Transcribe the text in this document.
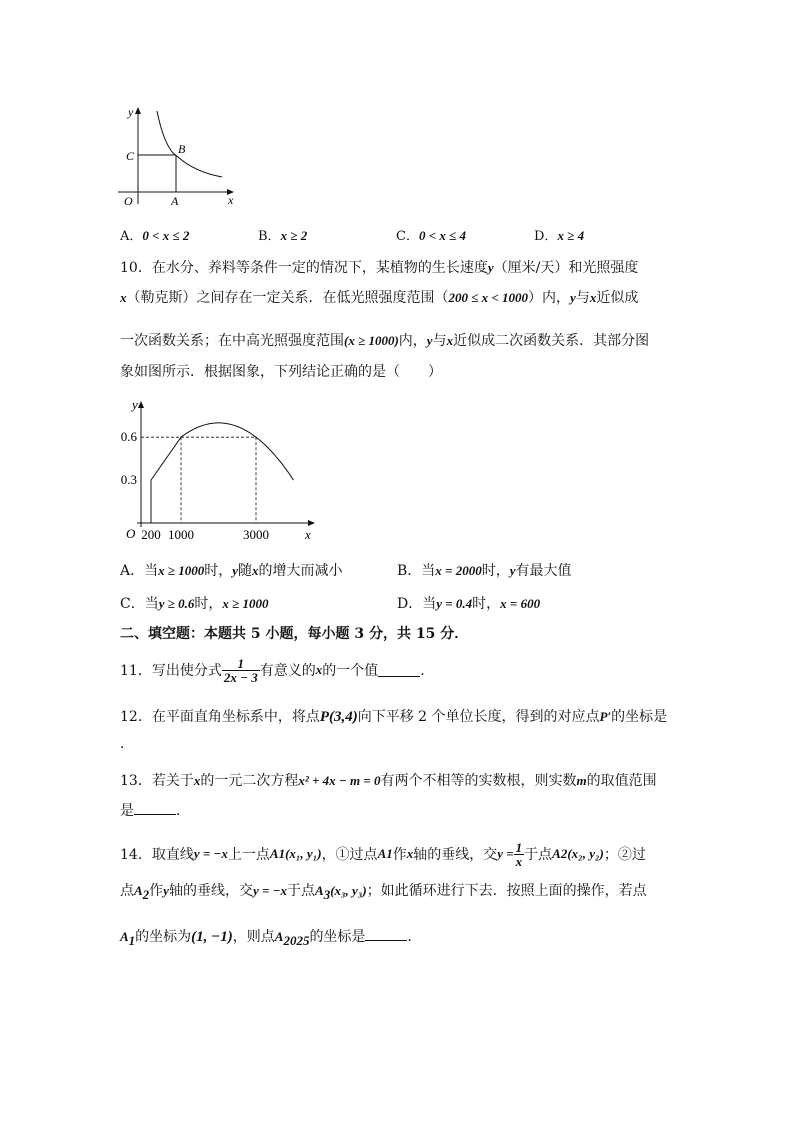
y
x
O	A
B
C
A．0 < x ≤ 2	B．x ≥ 2	C．0 < x ≤ 4	D．x ≥ 4
10．在水分、养料等条件一定的情况下，某植物的生长速度y（厘米/天）和光照强度
x（勒克斯）之间存在一定关系．在低光照强度范围（200 ≤ x < 1000）内，y与x近似成
一次函数关系；在中高光照强度范围(x ≥ 1000)内，y与x近似成二次函数关系．其部分图
象如图所示．根据图象，下列结论正确的是（　　）
y
x
O 200 1000	3000
0.6
0.3
A．当x ≥ 1000时，y随x的增大而减小	B．当x = 2000时，y有最大值
C．当y ≥ 0.6时，x ≥ 1000	D．当y = 0.4时，x = 600
二、填空题：本题共 5 小题，每小题 3 分，共 15 分．
11．写出使分式 $\frac{1}{2x - 3}$ 有意义的 x 的一个值	．
12．在平面直角坐标系中，将点P(3,4)向下平移 2 个单位长度，得到的对应点P′的坐标是
．
13．若关于x的一元二次方程x² + 4x − m = 0有两个不相等的实数根，则实数m的取值范围
是	．
14．取直线 y = −x 上一点 A 1 (x₁, y₁) ，①过点 A 1 作 x 轴的垂线，交 $y = \frac{1}{x}$ 于点 A 2 (x₂, y₂) ；②过
点$A_2$作y轴的垂线，交y = −x于点$A_3(x_3$, y₃)；如此循环进行下去．按照上面的操作，若点
$A_1$的坐标为(1, −1)，则点$A_{2025}$的坐标是	．
